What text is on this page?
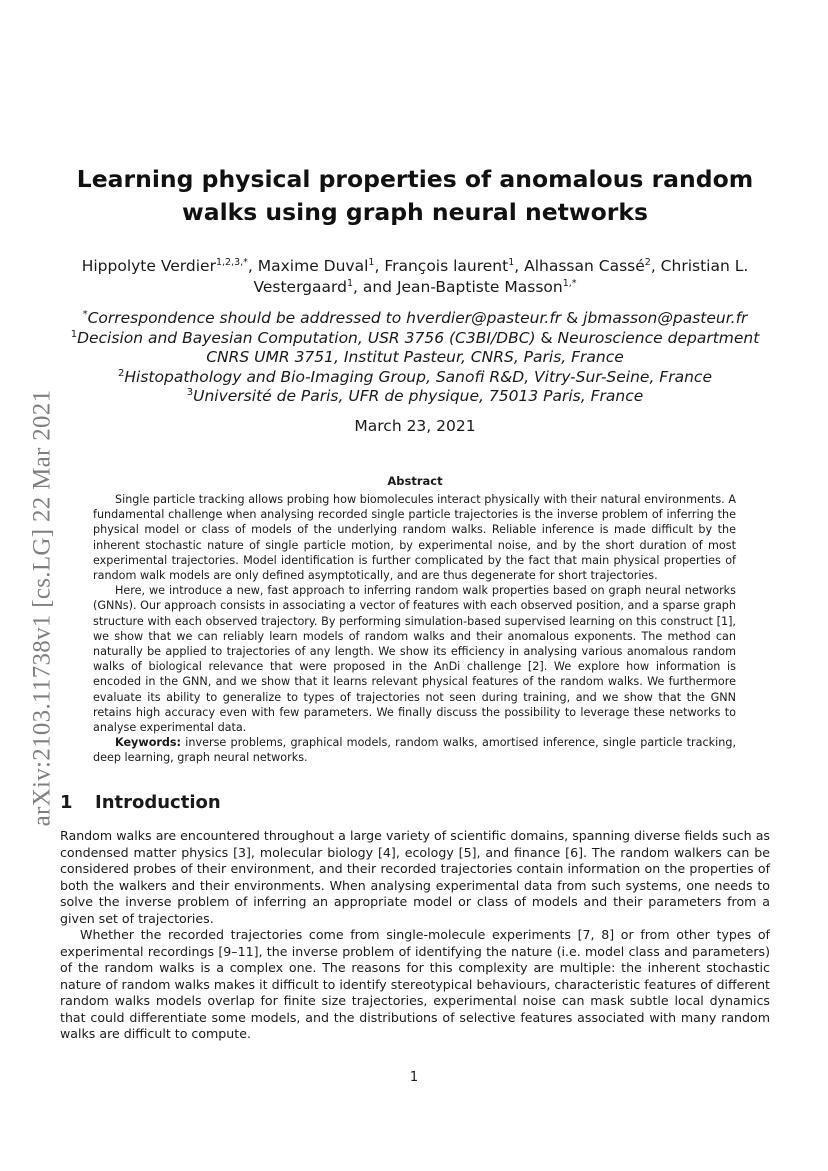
arXiv:2103.11738v1 [cs.LG] 22 Mar 2021
Learning physical properties of anomalous random walks using graph neural networks
Hippolyte Verdier$^{1,2,3,*}$, Maxime Duval$^1$, François laurent$^1$, Alhassan Cassé$^2$, Christian L. Vestergaard$^1$, and Jean-Baptiste Masson$^{1,*}$
*Correspondence should be addressed to hverdier@pasteur.fr & jbmasson@pasteur.fr
$^1$Decision and Bayesian Computation, USR 3756 (C3BI/DBC) & Neuroscience department CNRS UMR 3751, Institut Pasteur, CNRS, Paris, France
$^2$Histopathology and Bio-Imaging Group, Sanofi R&D, Vitry-Sur-Seine, France
$^3$Université de Paris, UFR de physique, 75013 Paris, France
March 23, 2021
Abstract

Single particle tracking allows probing how biomolecules interact physically with their natural environments. A fundamental challenge when analysing recorded single particle trajectories is the inverse problem of inferring the physical model or class of models of the underlying random walks. Reliable inference is made difficult by the inherent stochastic nature of single particle motion, by experimental noise, and by the short duration of most experimental trajectories. Model identification is further complicated by the fact that main physical properties of random walk models are only defined asymptotically, and are thus degenerate for short trajectories.

Here, we introduce a new, fast approach to inferring random walk properties based on graph neural networks (GNNs). Our approach consists in associating a vector of features with each observed position, and a sparse graph structure with each observed trajectory. By performing simulation-based supervised learning on this construct [1], we show that we can reliably learn models of random walks and their anomalous exponents. The method can naturally be applied to trajectories of any length. We show its efficiency in analysing various anomalous random walks of biological relevance that were proposed in the AnDi challenge [2]. We explore how information is encoded in the GNN, and we show that it learns relevant physical features of the random walks. We furthermore evaluate its ability to generalize to types of trajectories not seen during training, and we show that the GNN retains high accuracy even with few parameters. We finally discuss the possibility to leverage these networks to analyse experimental data.

Keywords: inverse problems, graphical models, random walks, amortised inference, single particle tracking, deep learning, graph neural networks.

1 Introduction

Random walks are encountered throughout a large variety of scientific domains, spanning diverse fields such as condensed matter physics [3], molecular biology [4], ecology [5], and finance [6]. The random walkers can be considered probes of their environment, and their recorded trajectories contain information on the properties of both the walkers and their environments. When analysing experimental data from such systems, one needs to solve the inverse problem of inferring an appropriate model or class of models and their parameters from a given set of trajectories.

Whether the recorded trajectories come from single-molecule experiments [7, 8] or from other types of experimental recordings [9–11], the inverse problem of identifying the nature (i.e. model class and parameters) of the random walks is a complex one. The reasons for this complexity are multiple: the inherent stochastic nature of random walks makes it difficult to identify stereotypical behaviours, characteristic features of different random walks models overlap for finite size trajectories, experimental noise can mask subtle local dynamics that could differentiate some models, and the distributions of selective features associated with many random walks are difficult to compute.

1
